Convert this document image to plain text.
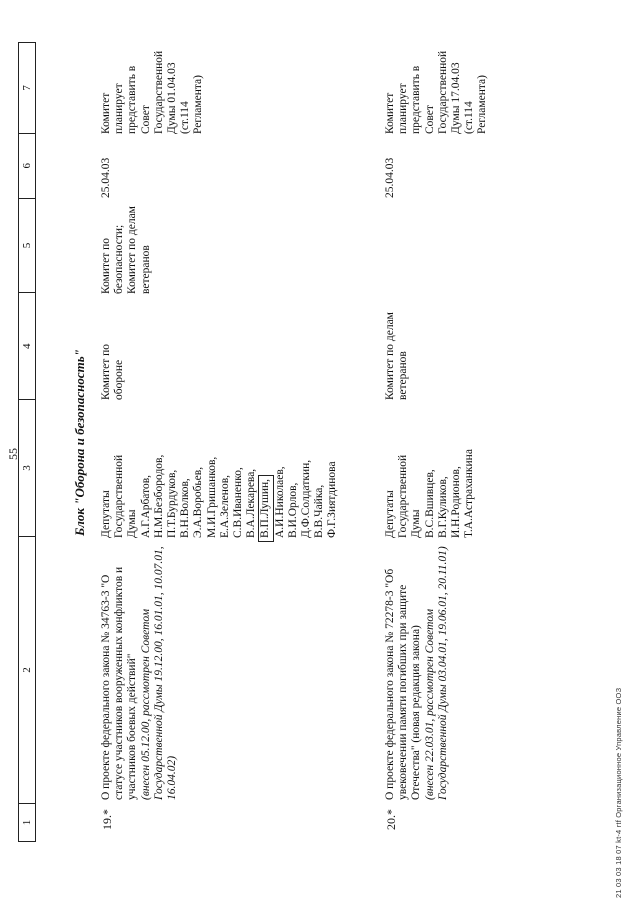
55
1
2
3
4
5
6
7
Блок "Оборона и безопасность"
19.*
О проекте федерального закона № 34763-3 "О статусе участников вооруженных конфликтов и участников боевых действий" (внесен 05.12.00, рассмотрен Советом Государственной Думы 19.12.00, 16.01.01, 10.07.01, 16.04.02)
Депутаты Государственной Думы А.Г.Арбатов, Н.М.Безбородов, П.Т.Бурдуков, В.Н.Волков, Э.А.Воробьев, М.И.Гришанков, Е.А.Зеленов, С.В.Иваненко, В.А.Лекарева, В.П.Лушин, А.И.Николаев, В.И.Орлов, Д.Ф.Солдаткин, В.В.Чайка, Ф.Г.Зиятдинова
Комитет по обороне
Комитет по безопасности; Комитет по делам ветеранов
25.04.03
Комитет планирует представить в Совет Государственной Думы 01.04.03 (ст.114 Регламента)
20.*
О проекте федерального закона № 72278-3 "Об увековечении памяти погибших при защите Отечества" (новая редакция закона) (внесен 22.03.01, рассмотрен Советом Государственной Думы 03.04.01, 19.06.01, 20.11.01)
Депутаты Государственной Думы В.С.Вшивцев, В.Г.Куликов, И.Н.Родионов, Т.А.Астраханкина
Комитет по делам ветеранов
25.04.03
Комитет планирует представить в Совет Государственной Думы 17.04.03 (ст.114 Регламента)
21 03 03 18 07 kt-4 rtf Организационное Управление ООЗ
